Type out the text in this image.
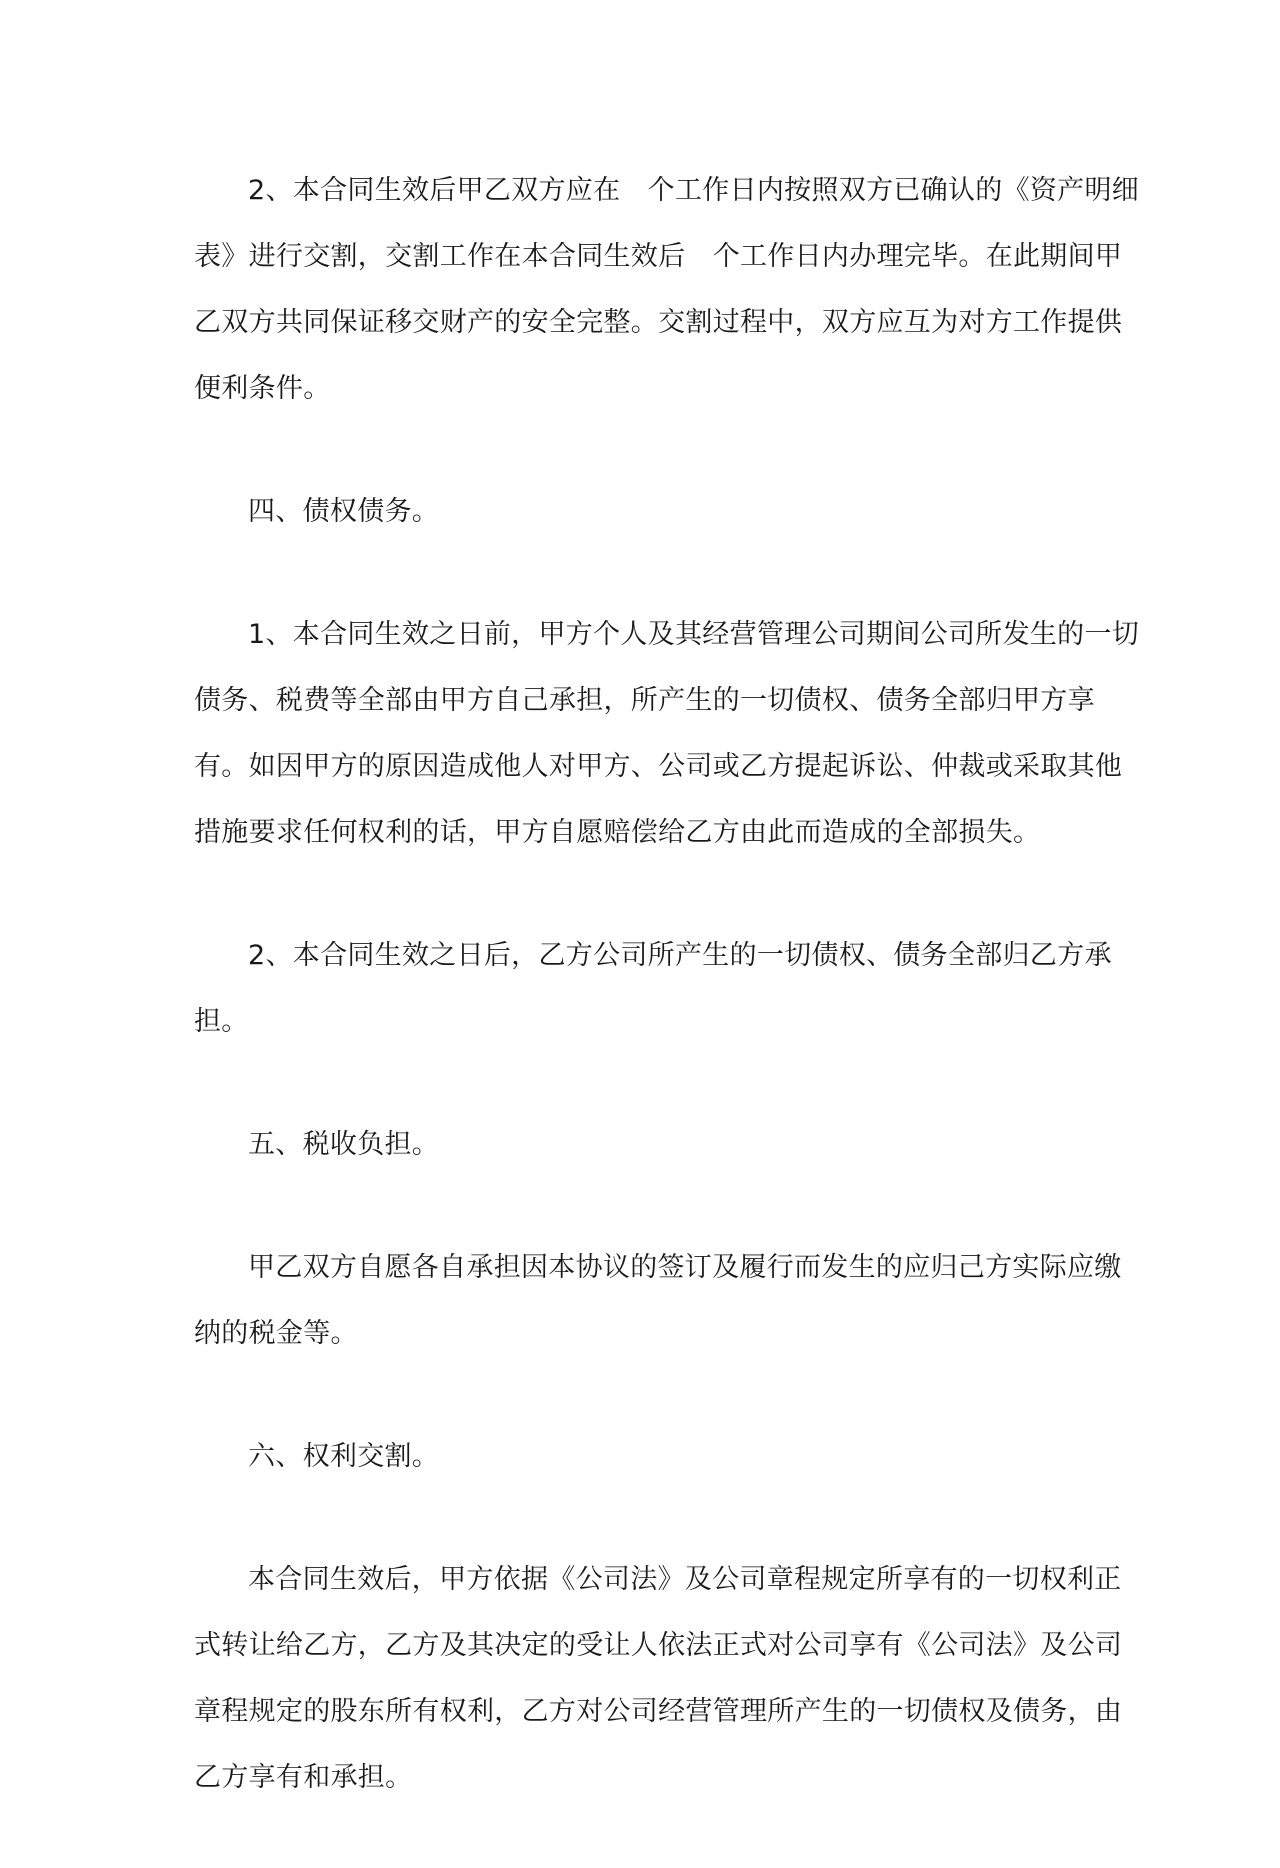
2、本合同生效后甲乙双方应在　个工作日内按照双方已确认的《资产明细
表》进行交割，交割工作在本合同生效后　个工作日内办理完毕。在此期间甲
乙双方共同保证移交财产的安全完整。交割过程中，双方应互为对方工作提供
便利条件。

四、债权债务。

1、本合同生效之日前，甲方个人及其经营管理公司期间公司所发生的一切
债务、税费等全部由甲方自己承担，所产生的一切债权、债务全部归甲方享
有。如因甲方的原因造成他人对甲方、公司或乙方提起诉讼、仲裁或采取其他
措施要求任何权利的话，甲方自愿赔偿给乙方由此而造成的全部损失。

2、本合同生效之日后，乙方公司所产生的一切债权、债务全部归乙方承
担。

五、税收负担。

甲乙双方自愿各自承担因本协议的签订及履行而发生的应归己方实际应缴
纳的税金等。

六、权利交割。

本合同生效后，甲方依据《公司法》及公司章程规定所享有的一切权利正
式转让给乙方，乙方及其决定的受让人依法正式对公司享有《公司法》及公司
章程规定的股东所有权利，乙方对公司经营管理所产生的一切债权及债务，由
乙方享有和承担。
